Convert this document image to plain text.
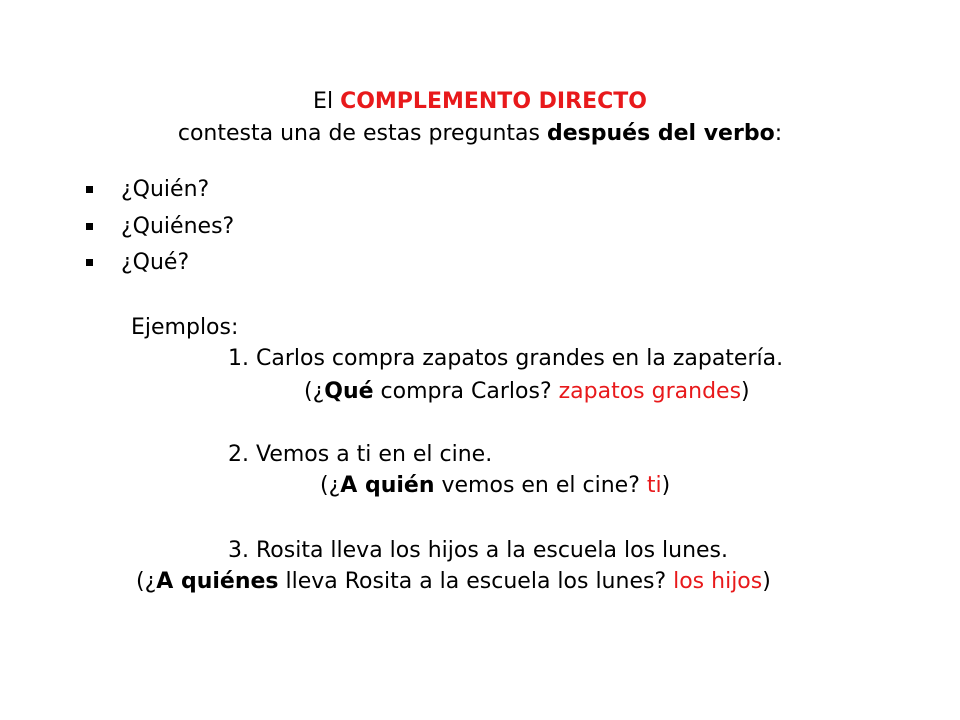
El COMPLEMENTO DIRECTO
contesta una de estas preguntas después del verbo:
¿Quién?
¿Quiénes?
¿Qué?
Ejemplos:
1. Carlos compra zapatos grandes en la zapatería.
(¿Qué compra Carlos? zapatos grandes)
2. Vemos a ti en el cine.
(¿A quién vemos en el cine? ti)
3. Rosita lleva los hijos a la escuela los lunes.
(¿A quiénes lleva Rosita a la escuela los lunes? los hijos)
